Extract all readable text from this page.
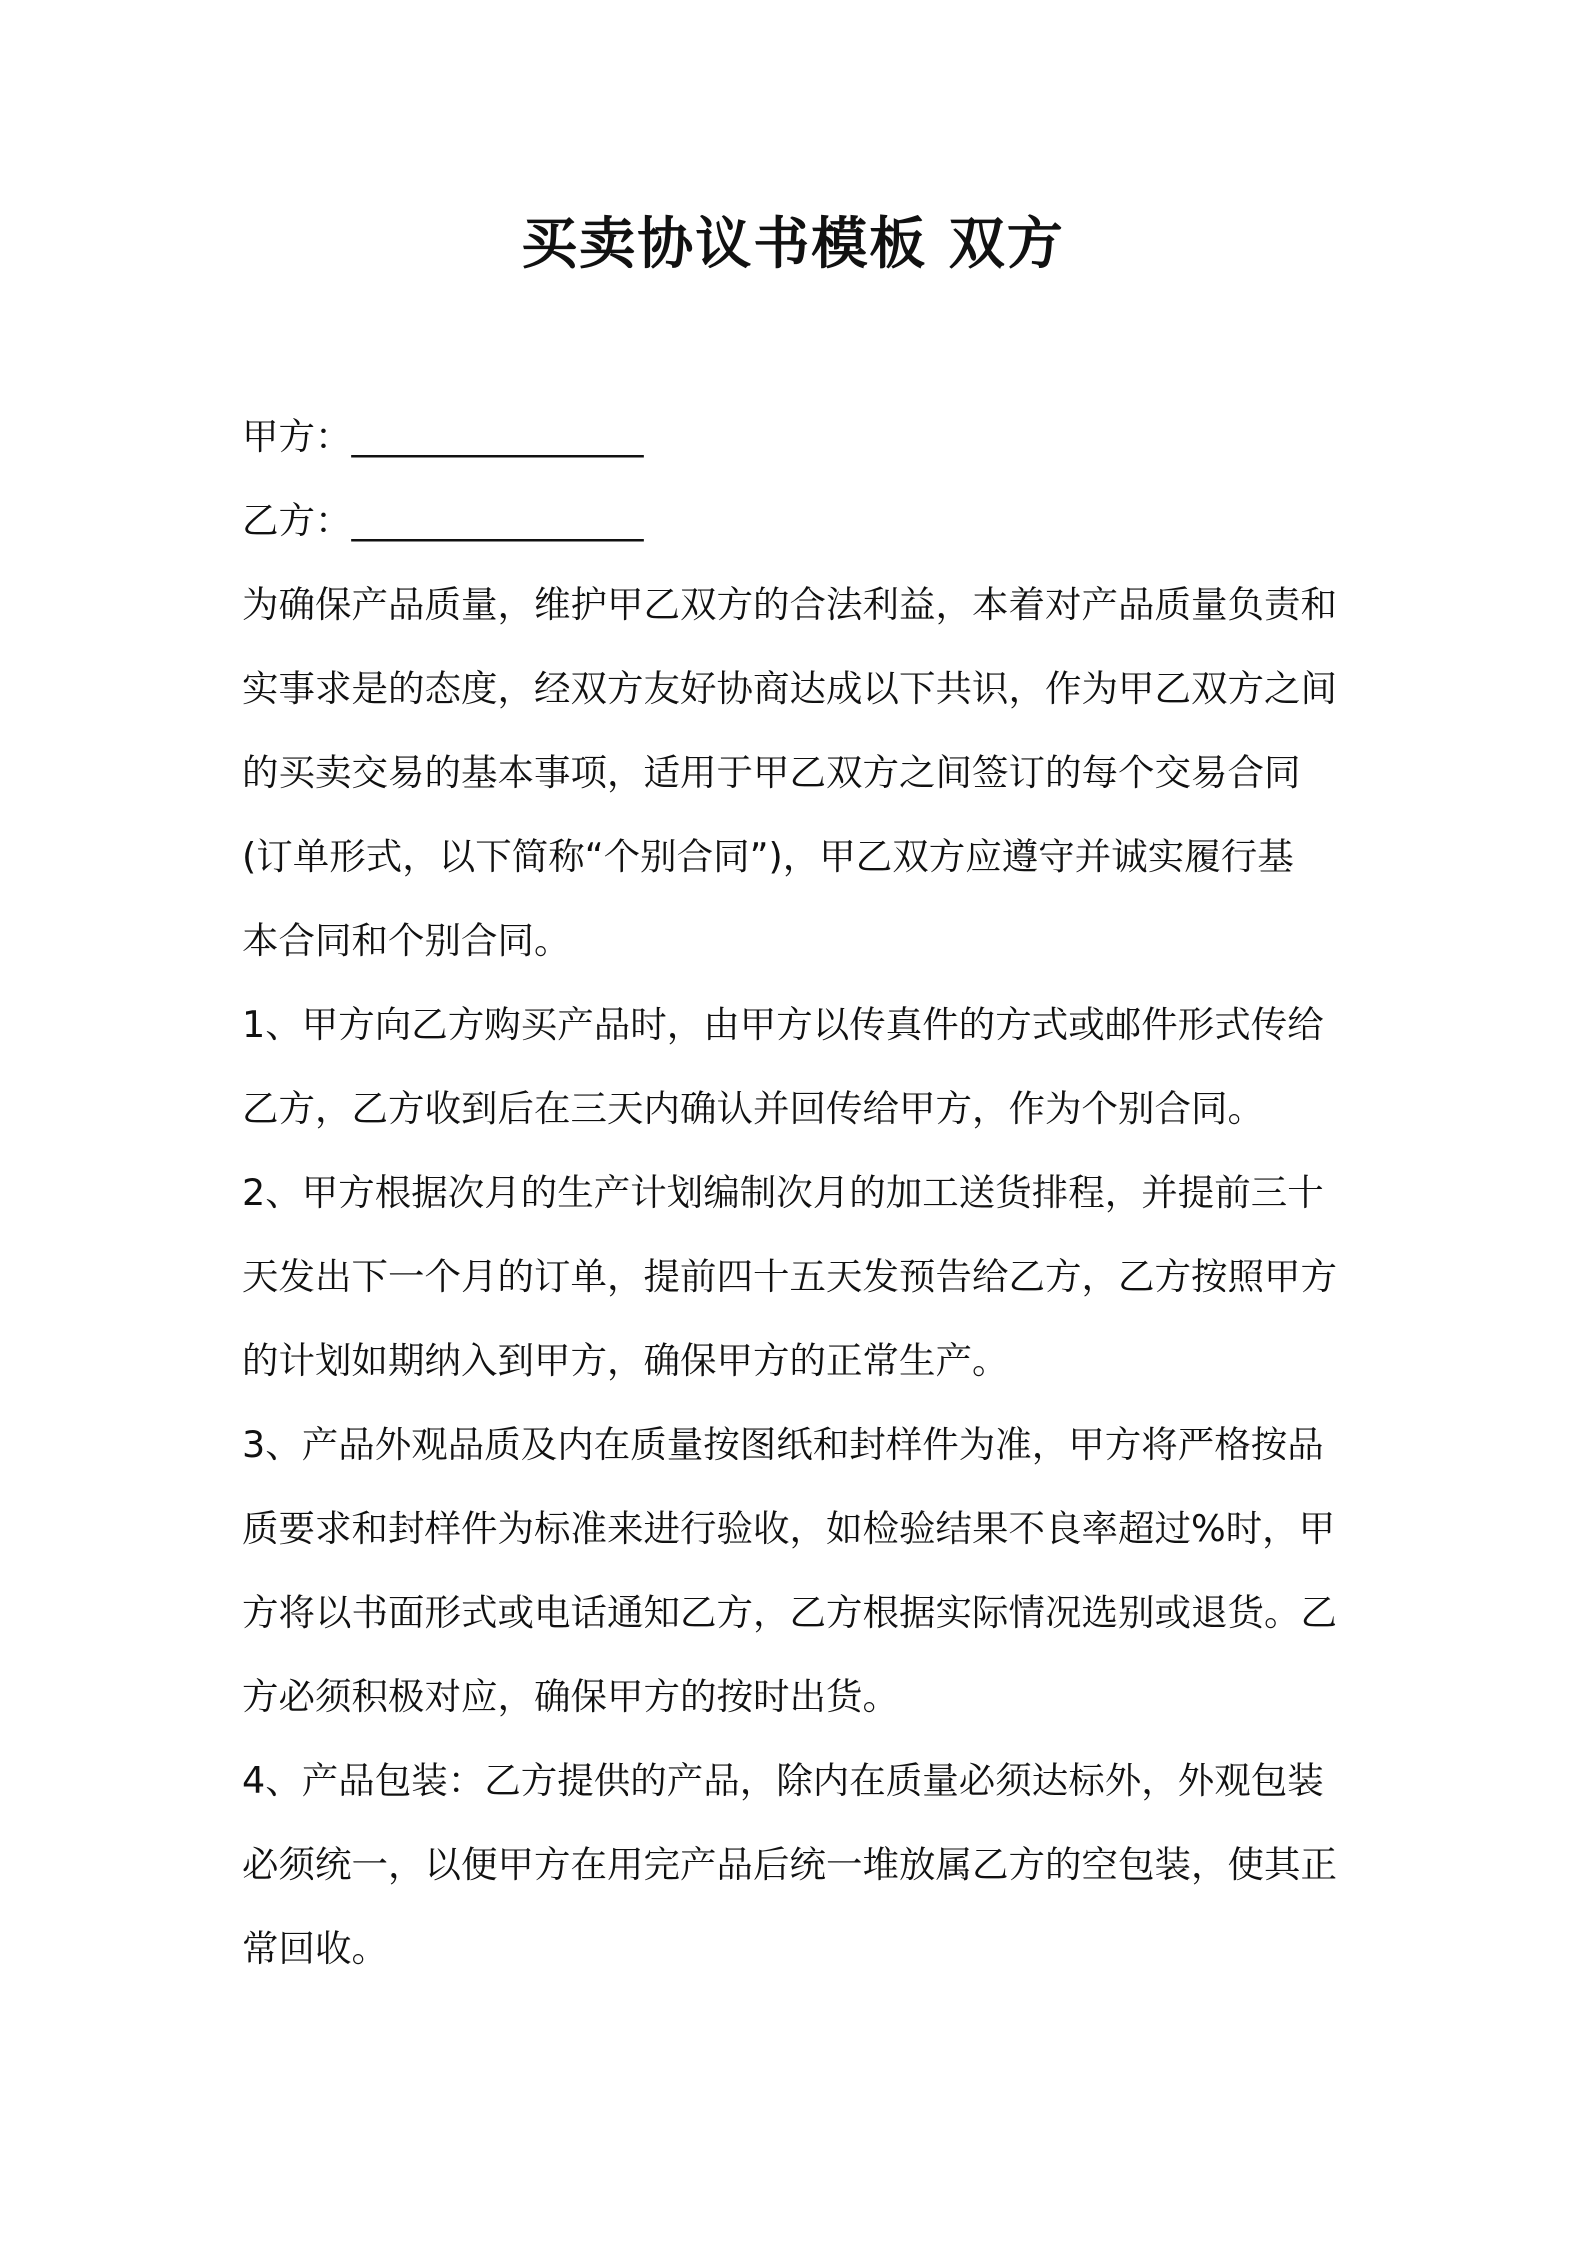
买卖协议书模板 双方
甲方：________________
乙方：________________
为确保产品质量，维护甲乙双方的合法利益，本着对产品质量负责和
实事求是的态度，经双方友好协商达成以下共识，作为甲乙双方之间
的买卖交易的基本事项，适用于甲乙双方之间签订的每个交易合同
(订单形式，以下简称“个别合同”)，甲乙双方应遵守并诚实履行基
本合同和个别合同。
1、甲方向乙方购买产品时，由甲方以传真件的方式或邮件形式传给
乙方，乙方收到后在三天内确认并回传给甲方，作为个别合同。
2、甲方根据次月的生产计划编制次月的加工送货排程，并提前三十
天发出下一个月的订单，提前四十五天发预告给乙方，乙方按照甲方
的计划如期纳入到甲方，确保甲方的正常生产。
3、产品外观品质及内在质量按图纸和封样件为准，甲方将严格按品
质要求和封样件为标准来进行验收，如检验结果不良率超过%时，甲
方将以书面形式或电话通知乙方，乙方根据实际情况选别或退货。乙
方必须积极对应，确保甲方的按时出货。
4、产品包装：乙方提供的产品，除内在质量必须达标外，外观包装
必须统一，以便甲方在用完产品后统一堆放属乙方的空包装，使其正
常回收。
